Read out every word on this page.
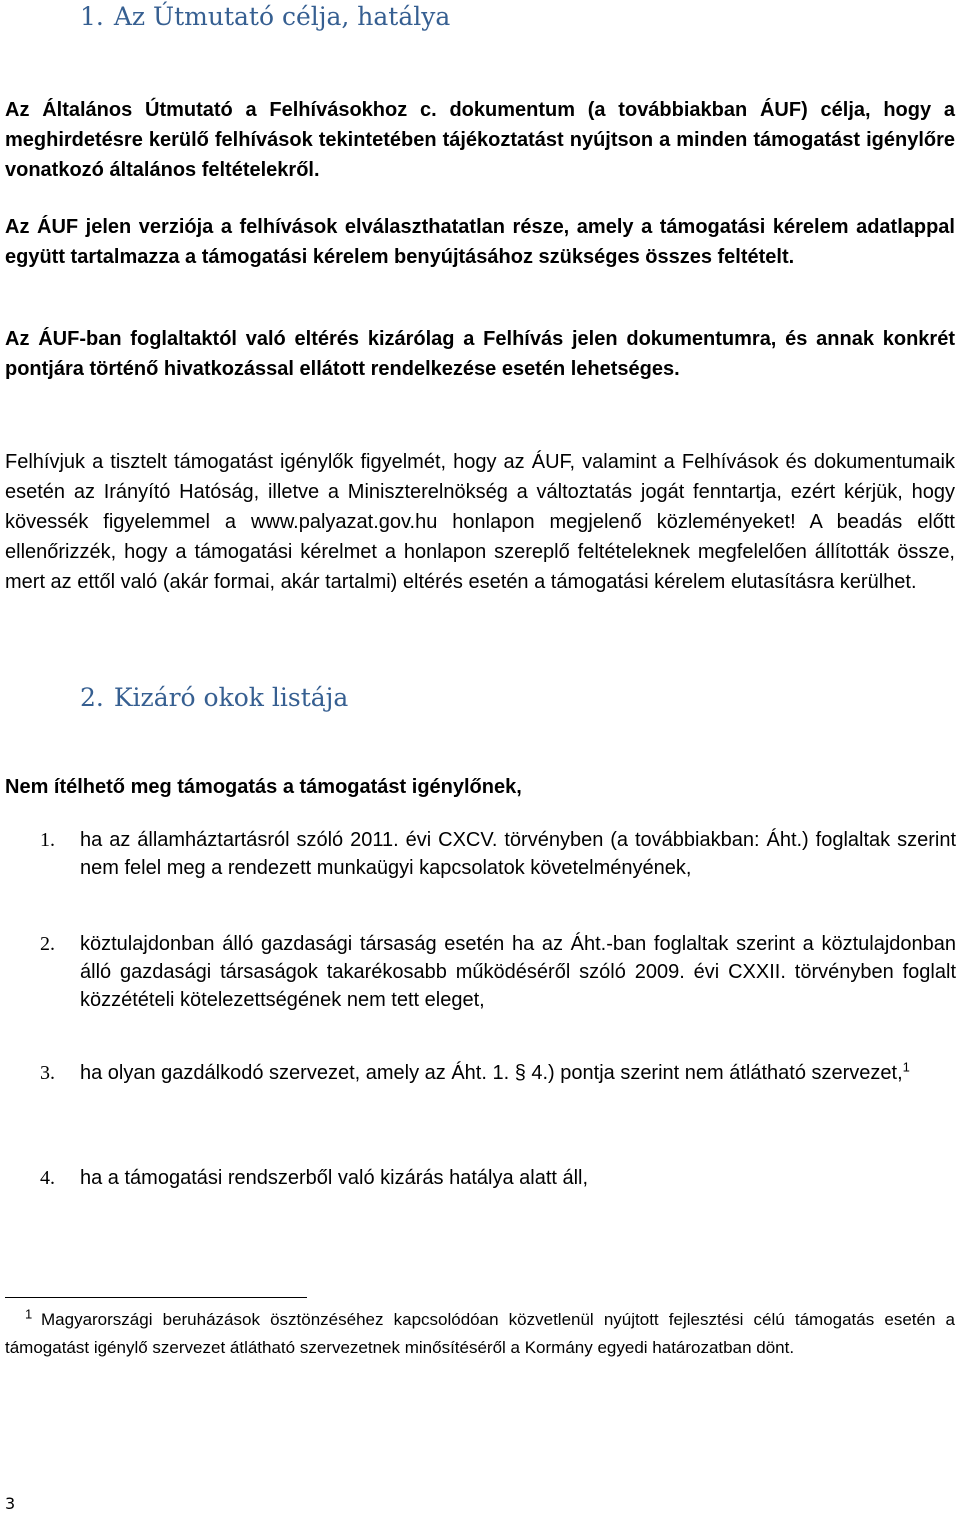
1. Az Útmutató célja, hatálya

Az Általános Útmutató a Felhívásokhoz c. dokumentum (a továbbiakban ÁUF) célja, hogy a meghirdetésre kerülő felhívások tekintetében tájékoztatást nyújtson a minden támogatást igénylőre vonatkozó általános feltételekről.

Az ÁUF jelen verziója a felhívások elválaszthatatlan része, amely a támogatási kérelem adatlappal együtt tartalmazza a támogatási kérelem benyújtásához szükséges összes feltételt.

Az ÁUF-ban foglaltaktól való eltérés kizárólag a Felhívás jelen dokumentumra, és annak konkrét pontjára történő hivatkozással ellátott rendelkezése esetén lehetséges.

Felhívjuk a tisztelt támogatást igénylők figyelmét, hogy az ÁUF, valamint a Felhívások és dokumentumaik esetén az Irányító Hatóság, illetve a Miniszterelnökség a változtatás jogát fenntartja, ezért kérjük, hogy kövessék figyelemmel a www.palyazat.gov.hu honlapon megjelenő közleményeket! A beadás előtt ellenőrizzék, hogy a támogatási kérelmet a honlapon szereplő feltételeknek megfelelően állították össze, mert az ettől való (akár formai, akár tartalmi) eltérés esetén a támogatási kérelem elutasításra kerülhet.

2. Kizáró okok listája

Nem ítélhető meg támogatás a támogatást igénylőnek,

1. ha az államháztartásról szóló 2011. évi CXCV. törvényben (a továbbiakban: Áht.) foglaltak szerint nem felel meg a rendezett munkaügyi kapcsolatok követelményének,
2. köztulajdonban álló gazdasági társaság esetén ha az Áht.-ban foglaltak szerint a köztulajdonban álló gazdasági társaságok takarékosabb működéséről szóló 2009. évi CXXII. törvényben foglalt közzétételi kötelezettségének nem tett eleget,
3. ha olyan gazdálkodó szervezet, amely az Áht. 1. § 4.) pontja szerint nem átlátható szervezet,$^1$
4. ha a támogatási rendszerből való kizárás hatálya alatt áll,

$^1$ Magyarországi beruházások ösztönzéséhez kapcsolódóan közvetlenül nyújtott fejlesztési célú támogatás esetén a támogatást igénylő szervezet átlátható szervezetnek minősítéséről a Kormány egyedi határozatban dönt.

3
